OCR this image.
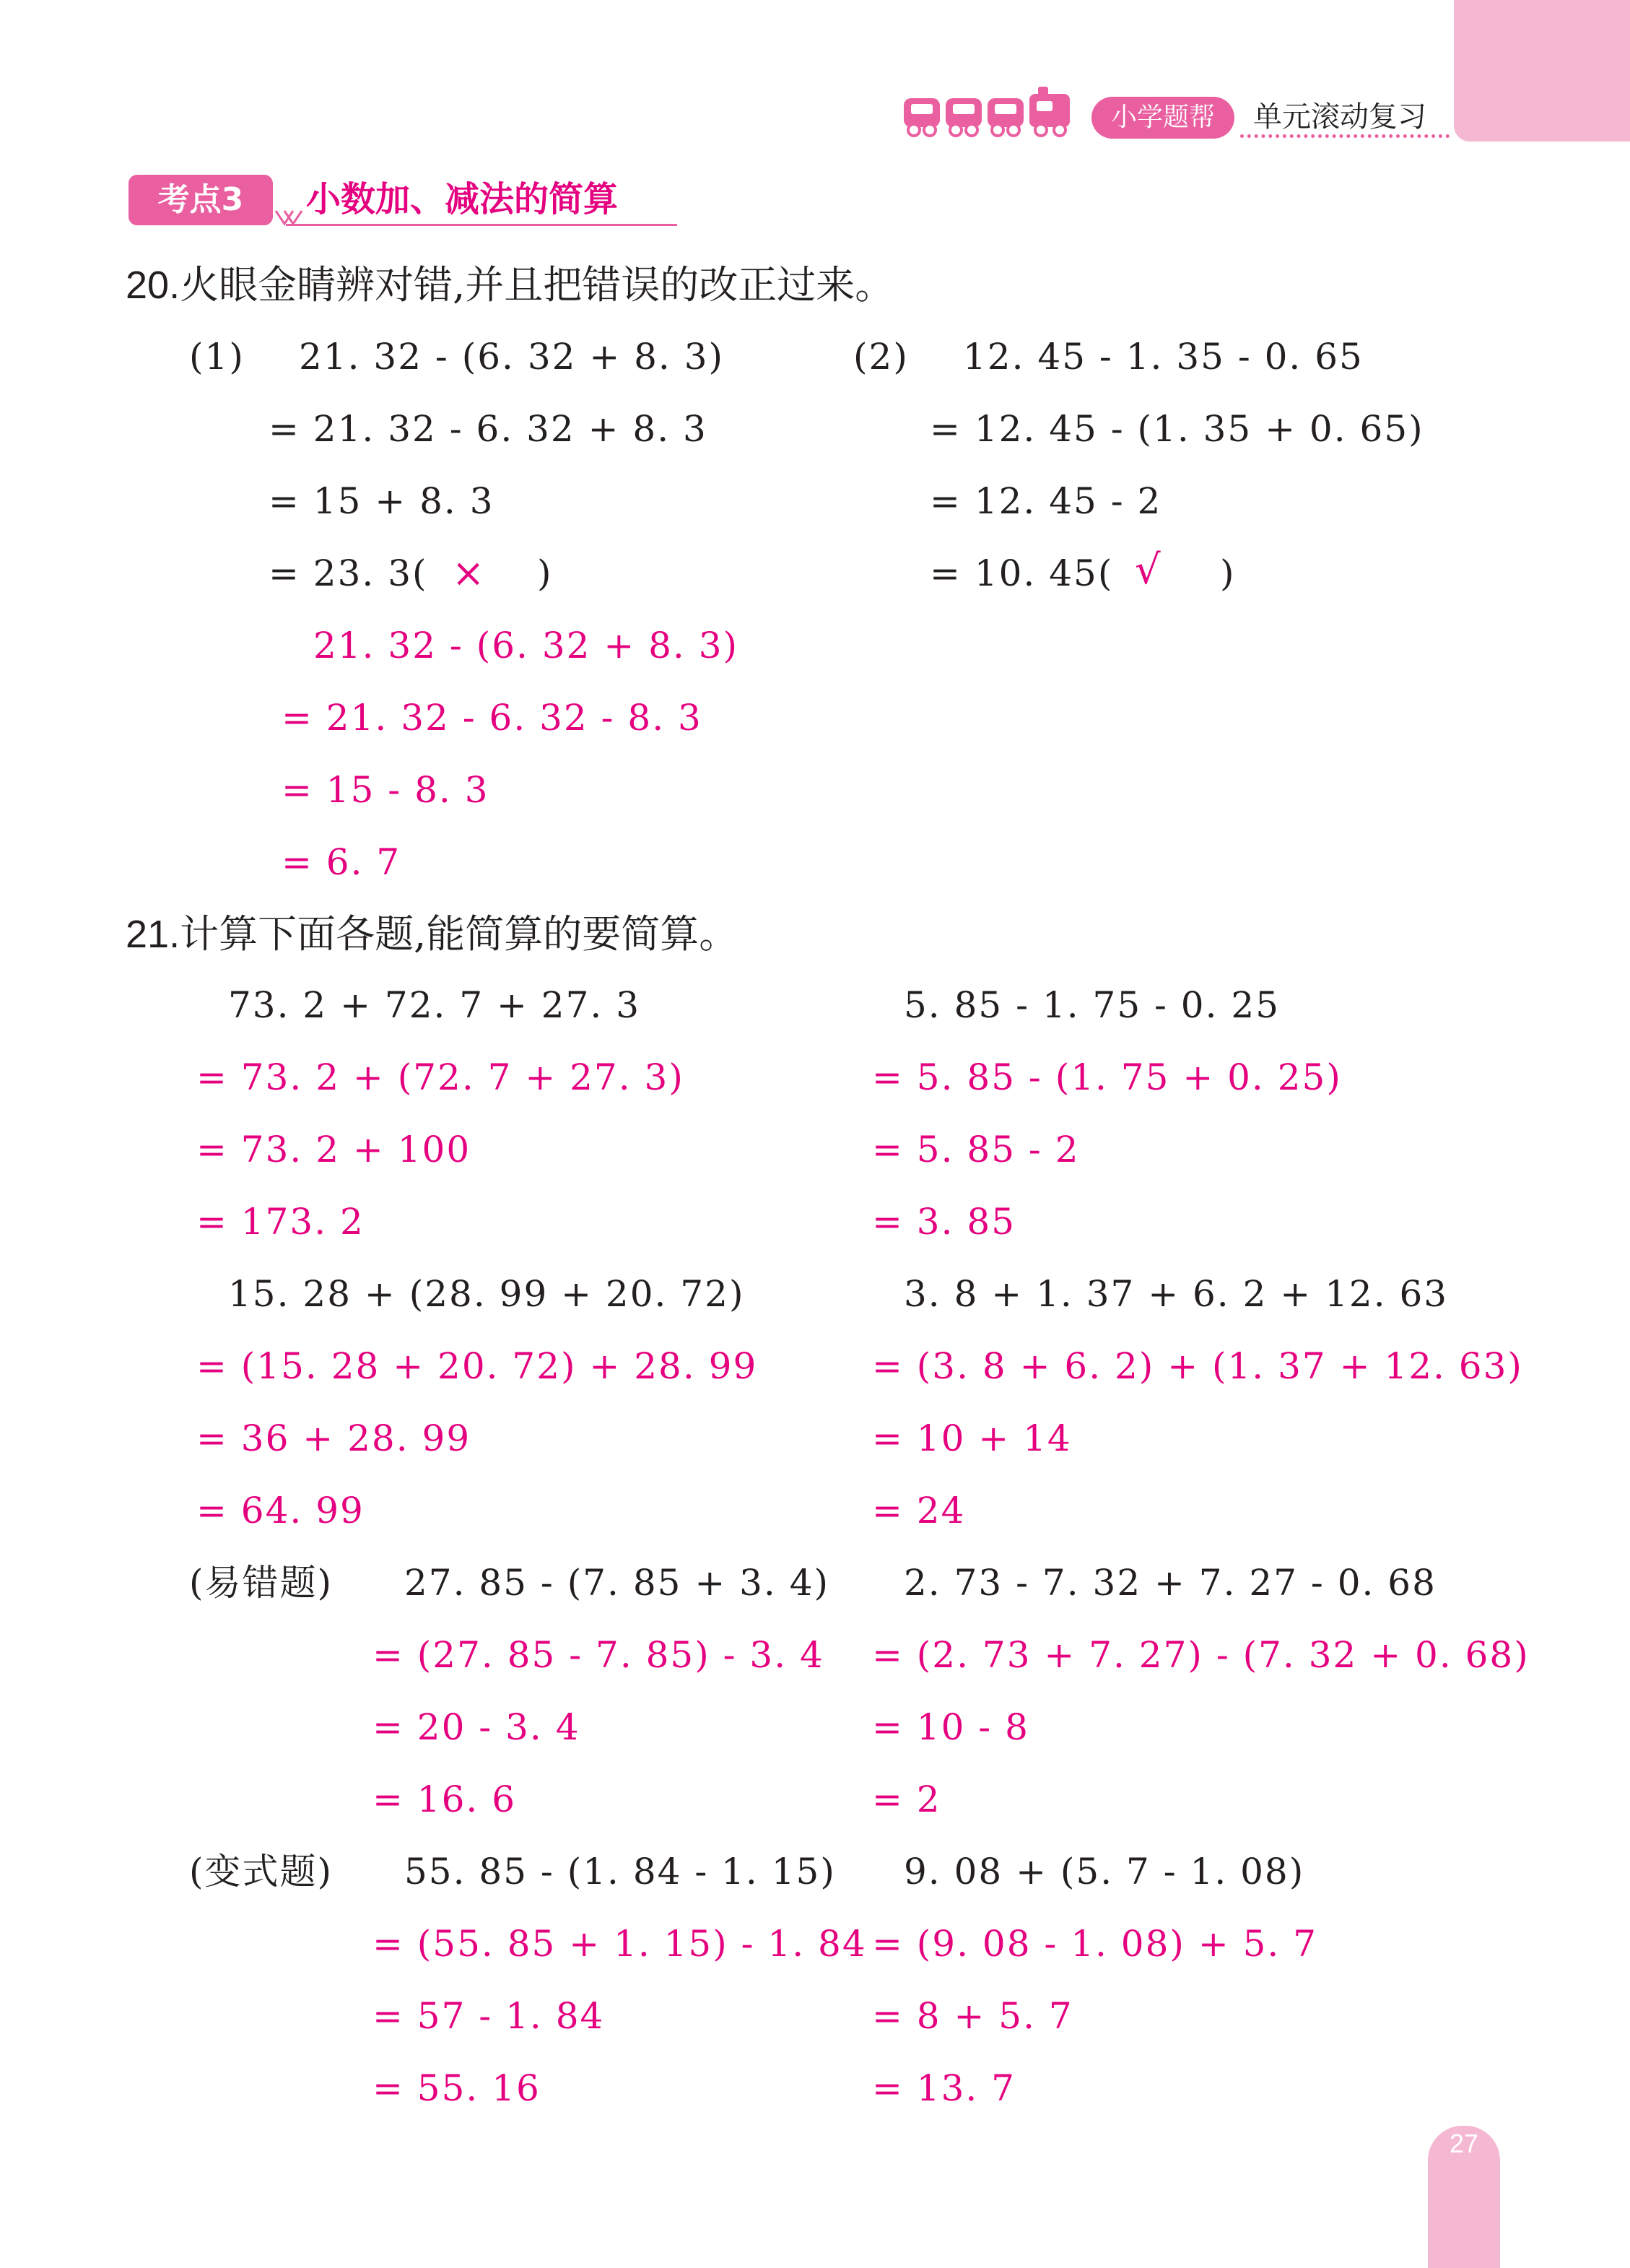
小学题帮	单元滚动复习
考点3	小数加、减法的简算
20.火眼金睛辨对错,并且把错误的改正过来。
(1) 21. 32 - (6. 32 + 8. 3)
= 21. 32 - 6. 32 + 8. 3
= 15 + 8. 3
= 23. 3( × )
21. 32 - (6. 32 + 8. 3)
= 21. 32 - 6. 32 - 8. 3
= 15 - 8. 3
= 6. 7
(2) 12. 45 - 1. 35 - 0. 65
= 12. 45 - (1. 35 + 0. 65)
= 12. 45 - 2
= 10. 45( √ )
21.计算下面各题,能简算的要简算。
73. 2 + 72. 7 + 27. 3
= 73. 2 + (72. 7 + 27. 3)
= 73. 2 + 100
= 173. 2
5. 85 - 1. 75 - 0. 25
= 5. 85 - (1. 75 + 0. 25)
= 5. 85 - 2
= 3. 85
15. 28 + (28. 99 + 20. 72)
= (15. 28 + 20. 72) + 28. 99
= 36 + 28. 99
= 64. 99
3. 8 + 1. 37 + 6. 2 + 12. 63
= (3. 8 + 6. 2) + (1. 37 + 12. 63)
= 10 + 14
= 24
(易错题) 27. 85 - (7. 85 + 3. 4)
= (27. 85 - 7. 85) - 3. 4
= 20 - 3. 4
= 16. 6
2. 73 - 7. 32 + 7. 27 - 0. 68
= (2. 73 + 7. 27) - (7. 32 + 0. 68)
= 10 - 8
= 2
(变式题) 55. 85 - (1. 84 - 1. 15)
= (55. 85 + 1. 15) - 1. 84
= 57 - 1. 84
= 55. 16
9. 08 + (5. 7 - 1. 08)
= (9. 08 - 1. 08) + 5. 7
= 8 + 5. 7
= 13. 7
27
